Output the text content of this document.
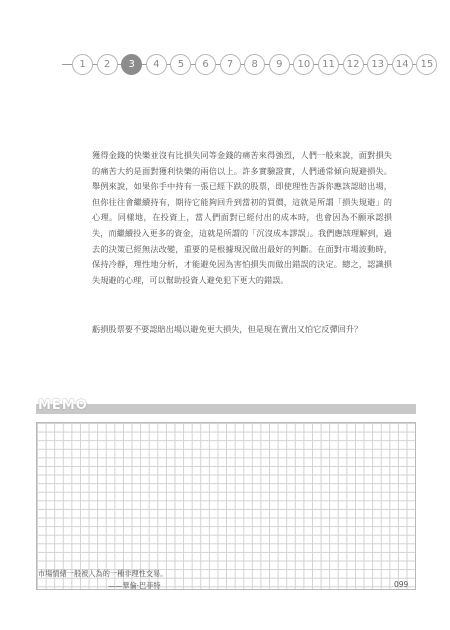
1	2	3	4	5	6	7	8	9	10	11	12	13	14	15

獲得金錢的快樂並沒有比損失同等金錢的痛苦來得強烈，人們一般來說，面對損失的痛苦大約是面對獲利快樂的兩倍以上。許多實驗證實，人們通常傾向規避損失。舉例來說，如果你手中持有一張已經下跌的股票，即使理性告訴你應該認賠出場，但你往往會繼續持有，期待它能夠回升到當初的買價，這就是所謂「損失規避」的心理。同樣地，在投資上，當人們面對已經付出的成本時，也會因為不願承認損失，而繼續投入更多的資金，這就是所謂的「沉沒成本謬誤」。我們應該理解到，過去的決策已經無法改變，重要的是根據現況做出最好的判斷。在面對市場波動時，保持冷靜，理性地分析，才能避免因為害怕損失而做出錯誤的決定。總之，認識損失規避的心理，可以幫助投資人避免犯下更大的錯誤。

虧損股票要不要認賠出場以避免更大損失，但是現在賣出又怕它反彈回升？

MEMO
市場情緒一般被人為的一種非理性交易。
——華倫·巴菲特	099
